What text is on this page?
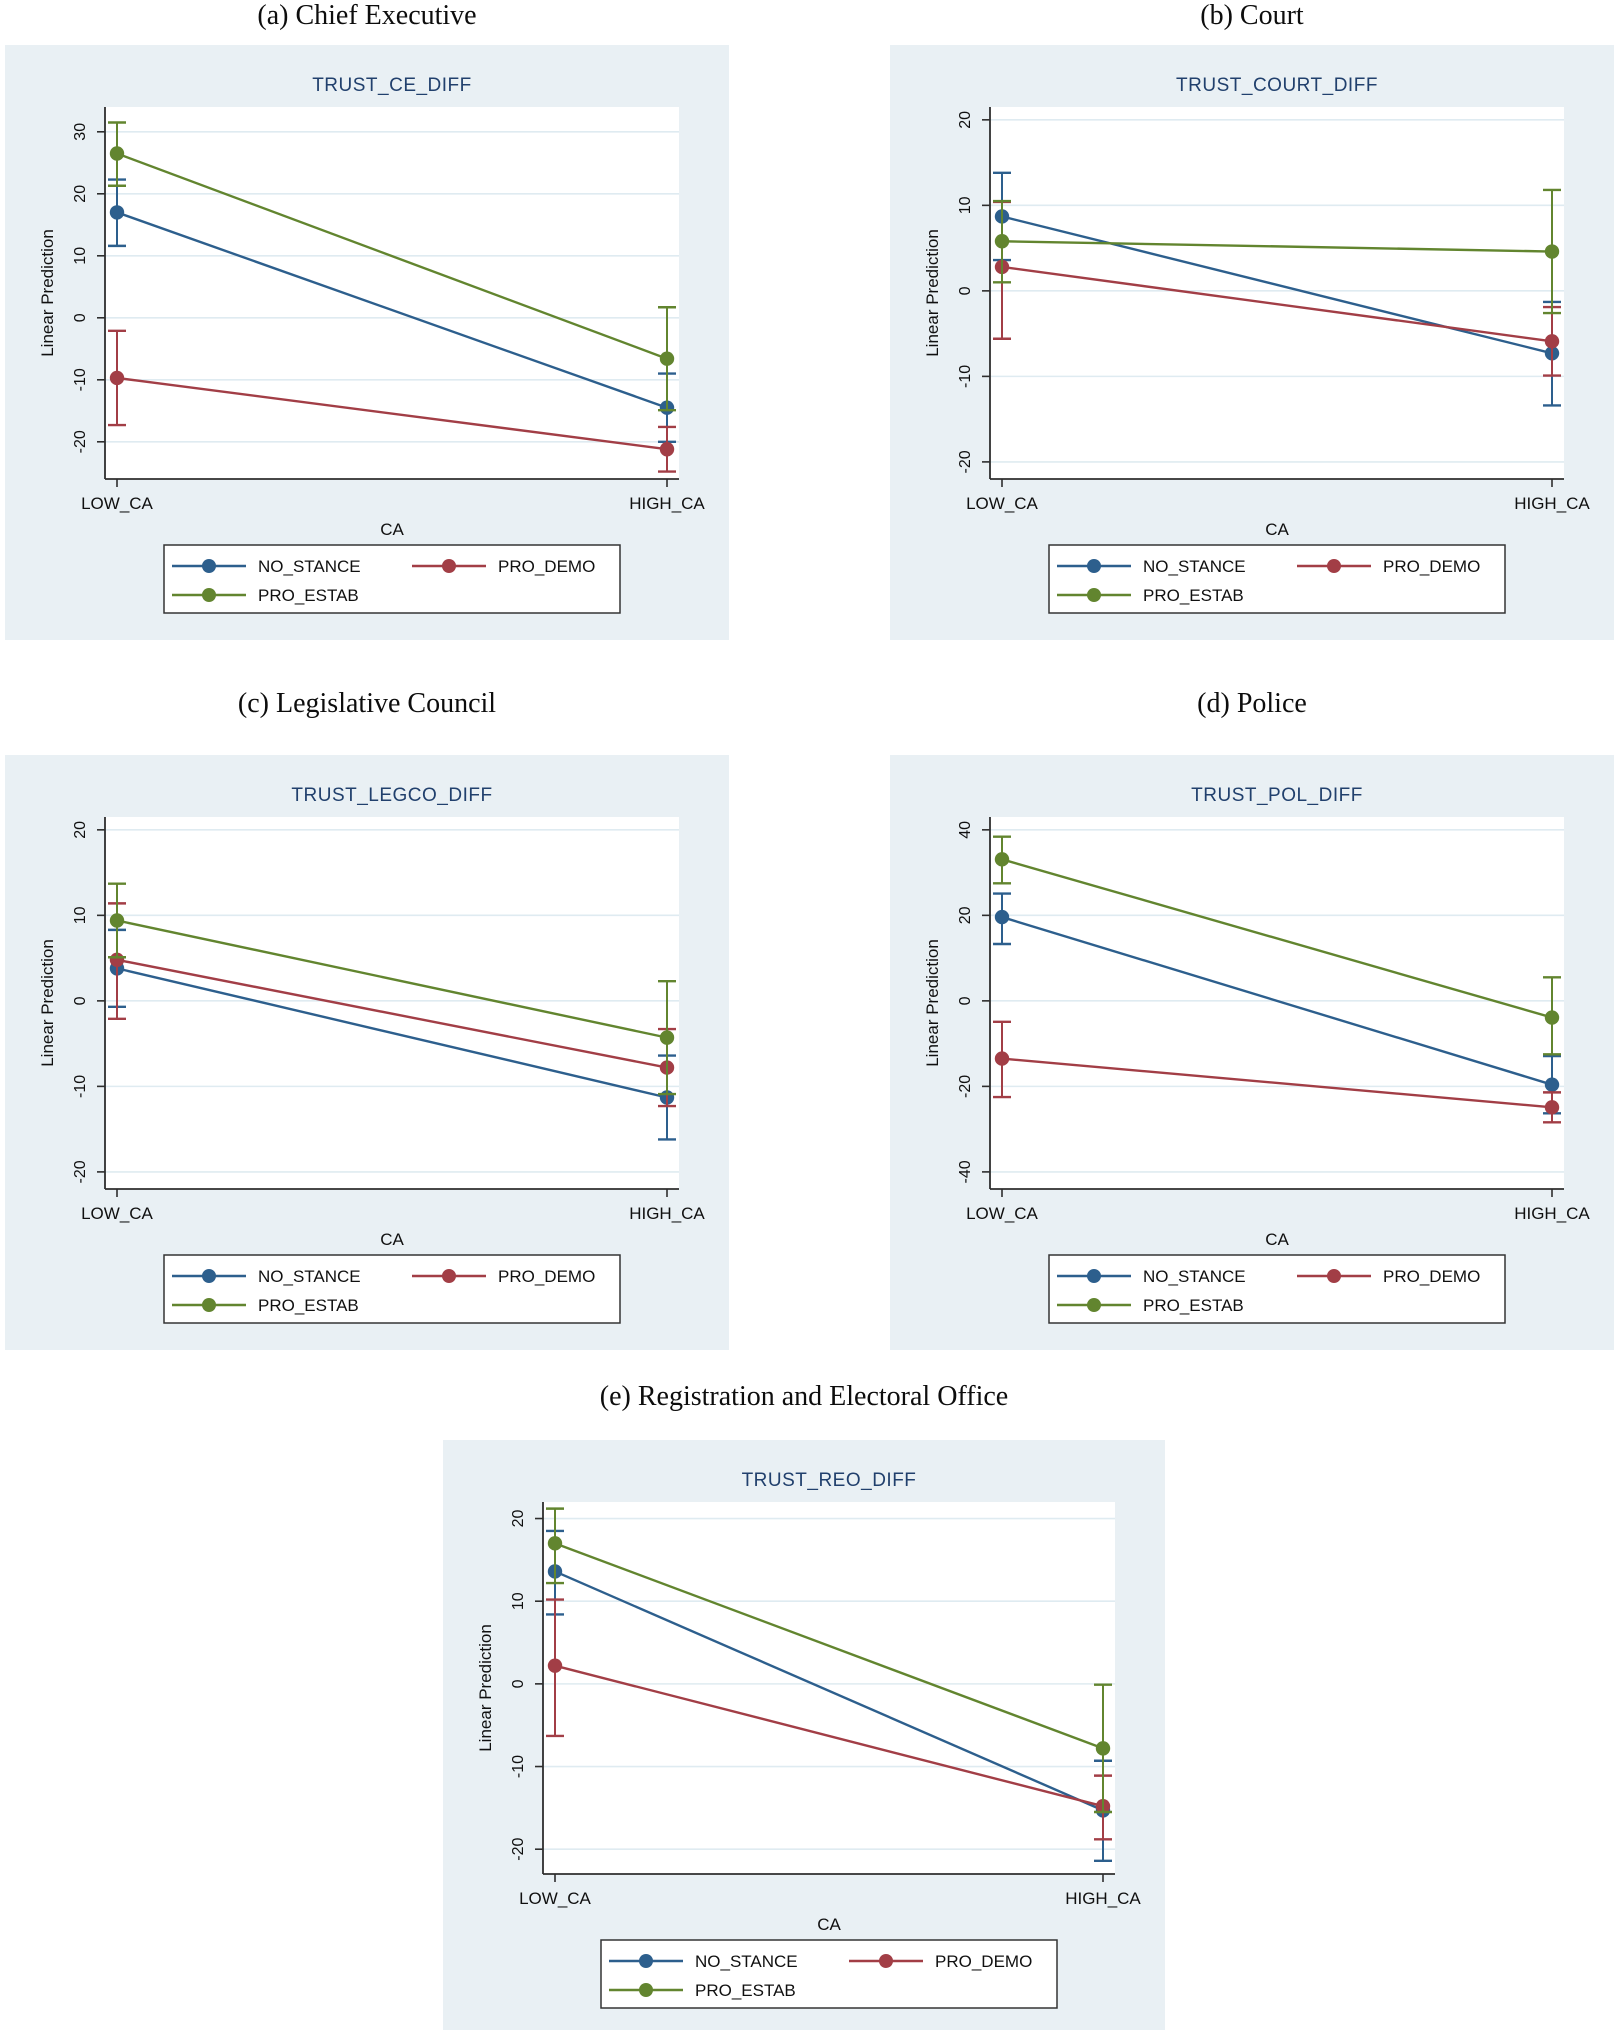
(a) Chief Executive	(b) Court
(c) Legislative Council	(d) Police
(e) Registration and Electoral Office
TRUST_CE_DIFF
30
20
10
0
-10
-20
LOW_CA	HIGH_CA
CA
Linear Prediction
NO_STANCE	PRO_DEMO
PRO_ESTAB
TRUST_COURT_DIFF
20
10
0
-10
-20
LOW_CA	HIGH_CA
CA
Linear Prediction
NO_STANCE	PRO_DEMO
PRO_ESTAB
TRUST_LEGCO_DIFF
20
10
0
-10
-20
LOW_CA	HIGH_CA
CA
Linear Prediction
NO_STANCE	PRO_DEMO
PRO_ESTAB
TRUST_POL_DIFF
40
20
0
-20
-40
LOW_CA	HIGH_CA
CA
Linear Prediction
NO_STANCE	PRO_DEMO
PRO_ESTAB
TRUST_REO_DIFF
20
10
0
-10
-20
LOW_CA	HIGH_CA
CA
Linear Prediction
NO_STANCE	PRO_DEMO
PRO_ESTAB
